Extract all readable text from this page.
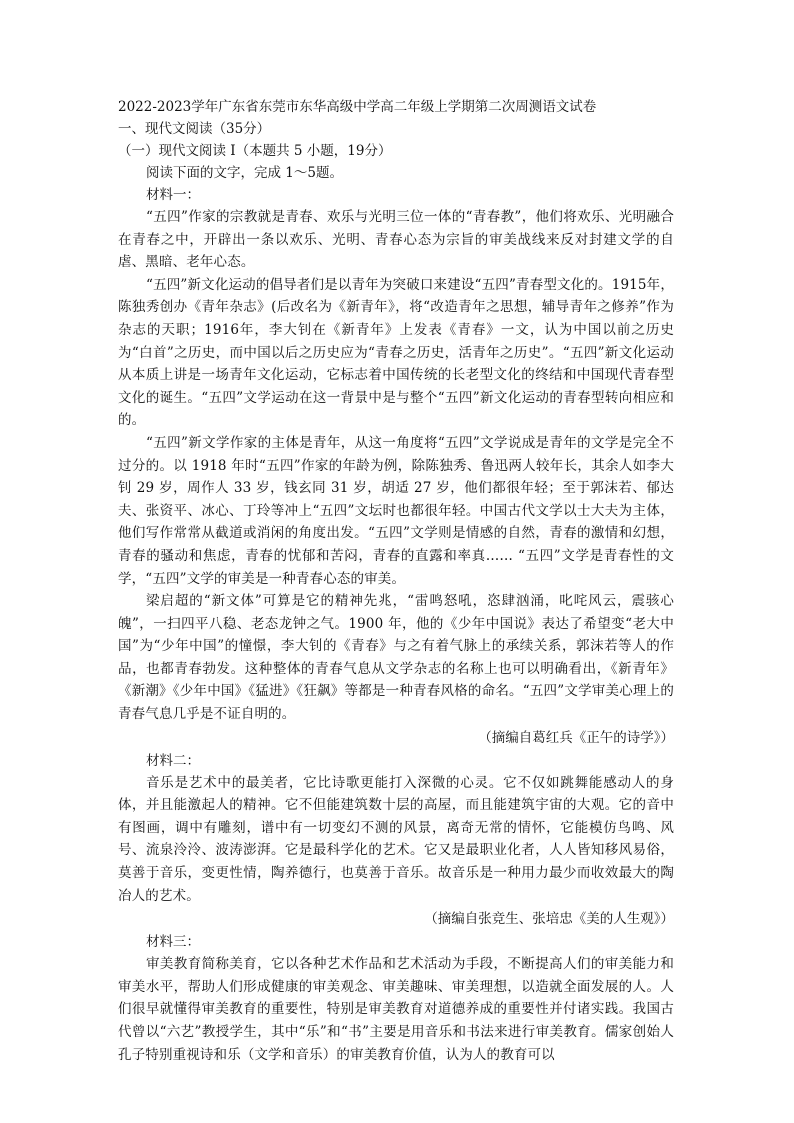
2022-2023学年广东省东莞市东华高级中学高二年级上学期第二次周测语文试卷

一、现代文阅读（35分）

（一）现代文阅读 I（本题共 5 小题，19分）

阅读下面的文字，完成 1～5题。

材料一：

“五四”作家的宗教就是青春、欢乐与光明三位一体的“青春教”，他们将欢乐、光明融合在青春之中，开辟出一条以欢乐、光明、青春心态为宗旨的审美战线来反对封建文学的自虐、黑暗、老年心态。

“五四”新文化运动的倡导者们是以青年为突破口来建设“五四”青春型文化的。1915年，陈独秀创办《青年杂志》(后改名为《新青年》，将“改造青年之思想，辅导青年之修养”作为杂志的天职；1916年，李大钊在《新青年》上发表《青春》一文，认为中国以前之历史为“白首”之历史，而中国以后之历史应为“青春之历史，活青年之历史”。“五四”新文化运动从本质上讲是一场青年文化运动，它标志着中国传统的长老型文化的终结和中国现代青春型文化的诞生。“五四”文学运动在这一背景中是与整个“五四”新文化运动的青春型转向相应和的。

“五四”新文学作家的主体是青年，从这一角度将“五四”文学说成是青年的文学是完全不过分的。以 1918 年时“五四”作家的年龄为例，除陈独秀、鲁迅两人较年长，其余人如李大钊 29 岁，周作人 33 岁，钱玄同 31 岁，胡适 27 岁，他们都很年轻；至于郭沫若、郁达夫、张资平、冰心、丁玲等冲上“五四”文坛时也都很年轻。中国古代文学以士大夫为主体，他们写作常常从截道或消闲的角度出发。“五四”文学则是情感的自然，青春的激情和幻想，青春的骚动和焦虑，青春的忧郁和苦闷，青春的直露和率真…… “五四”文学是青春性的文学，“五四”文学的审美是一种青春心态的审美。

梁启超的“新文体”可算是它的精神先兆，“雷鸣怒吼，恣肆汹涌，叱咤风云，震骇心魄”，一扫四平八稳、老态龙钟之气。1900 年，他的《少年中国说》表达了希望变“老大中国”为“少年中国”的憧憬，李大钊的《青春》与之有着气脉上的承续关系，郭沫若等人的作品，也都青春勃发。这种整体的青春气息从文学杂志的名称上也可以明确看出，《新青年》《新潮》《少年中国》《猛进》《狂飙》等都是一种青春风格的命名。“五四”文学审美心理上的青春气息几乎是不证自明的。

（摘编自葛红兵《正午的诗学》）

材料二：

音乐是艺术中的最美者，它比诗歌更能打入深微的心灵。它不仅如跳舞能感动人的身体，并且能激起人的精神。它不但能建筑数十层的高屋，而且能建筑宇宙的大观。它的音中有图画，调中有雕刻，谱中有一切变幻不测的风景，离奇无常的情怀，它能模仿鸟鸣、风号、流泉泠泠、波涛澎湃。它是最科学化的艺术。它又是最职业化者，人人皆知移风易俗，莫善于音乐，变更性情，陶养德行，也莫善于音乐。故音乐是一种用力最少而收效最大的陶冶人的艺术。

（摘编自张竞生、张培忠《美的人生观》）

材料三：

审美教育简称美育，它以各种艺术作品和艺术活动为手段，不断提高人们的审美能力和审美水平，帮助人们形成健康的审美观念、审美趣味、审美理想，以造就全面发展的人。人们很早就懂得审美教育的重要性，特别是审美教育对道德养成的重要性并付诸实践。我国古代曾以“六艺”教授学生，其中“乐”和“书”主要是用音乐和书法来进行审美教育。儒家创始人孔子特别重视诗和乐（文学和音乐）的审美教育价值，认为人的教育可以
